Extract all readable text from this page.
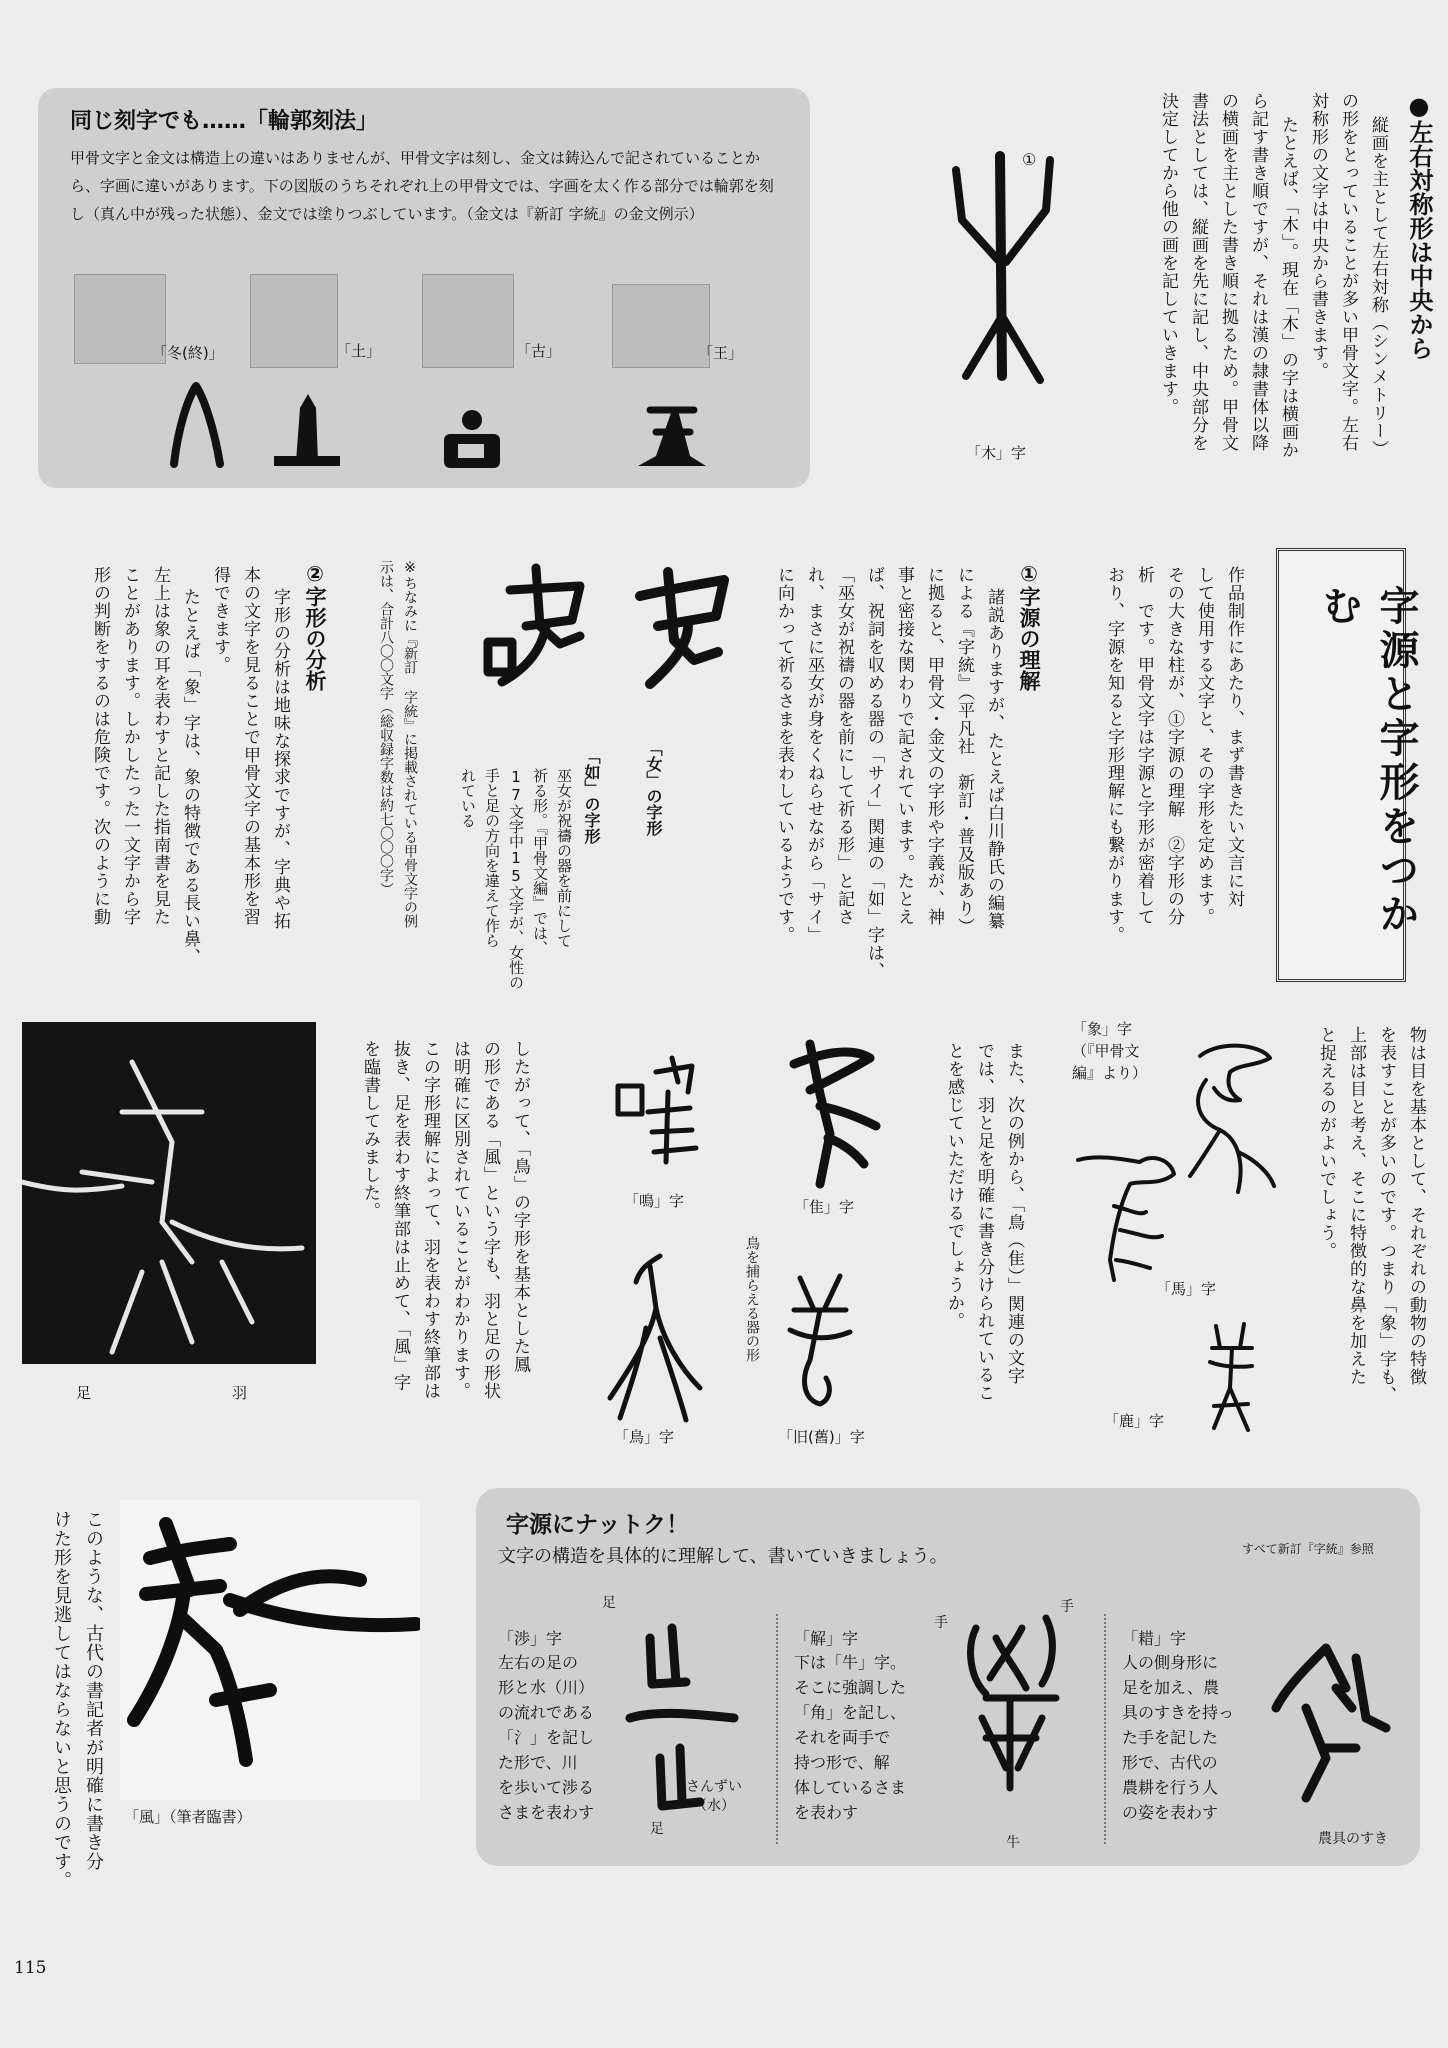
同じ刻字でも……「輪郭刻法」
甲骨文字と金文は構造上の違いはありませんが、甲骨文字は刻し、金文は鋳込んで記されていることから、字画に違いがあります。下の図版のうちそれぞれ上の甲骨文では、字画を太く作る部分では輪郭を刻し（真ん中が残った状態）、金文では塗りつぶしています。（金文は『新訂 字統』の金文例示）
「冬(終)」	「土」	「古」	「王」	●左右対称形は中央から
縦画を主として左右対称（シンメトリー）
の形をとっていることが多い甲骨文字。左右
対称形の文字は中央から書きます。
たとえば、「木」。現在「木」の字は横画か
ら記す書き順ですが、それは漢の隷書体以降
の横画を主とした書き順に拠るため。甲骨文
書法としては、縦画を先に記し、中央部分を
決定してから他の画を記していきます。
①
「木」字
字源と字形をつかむ
作品制作にあたり、まず書きたい文言に対
して使用する文字と、その字形を定めます。
その大きな柱が、①字源の理解　②字形の分
析　です。甲骨文字は字源と字形が密着して
おり、字源を知ると字形理解にも繋がります。
①字源の理解
諸説ありますが、たとえば白川静氏の編纂
による『字統』（平凡社　新訂・普及版あり）
に拠ると、甲骨文・金文の字形や字義が、神
事と密接な関わりで記されています。たとえ
ば、祝詞を収める器の「サイ」関連の「如」字は、
「巫女が祝禱の器を前にして祈る形」と記さ
れ、まさに巫女が身をくねらせながら「サイ」
に向かって祈るさまを表わしているようです。
「女」の字形
「如」の字形
巫女が祝禱の器を前にして
祈る形。『甲骨文編』では、
17文字中15文字が、女性の
手と足の方向を違えて作ら
れている
※ちなみに『新訂 字統』に掲載されている甲骨文字の例
示は、合計八〇〇文字（総収録字数は約七〇〇〇字）
②字形の分析
字形の分析は地味な探求ですが、字典や拓
本の文字を見ることで甲骨文字の基本形を習
得できます。
たとえば「象」字は、象の特徴である長い鼻、
左上は象の耳を表わすと記した指南書を見た
ことがあります。しかしたった一文字から字
形の判断をするのは危険です。次のように動
物は目を基本として、それぞれの動物の特徴
を表すことが多いのです。つまり「象」字も、
上部は目と考え、そこに特徴的な鼻を加えた
と捉えるのがよいでしょう。
「象」字
（『甲骨文
編』より）
「馬」字
「鹿」字
また、次の例から、「鳥（隹）」関連の文字
では、羽と足を明確に書き分けられているこ
とを感じていただけるでしょうか。
「隹」字
「鳴」字
「鳥」字
鳥を捕らえる器の形
「旧(舊)」字
したがって、「鳥」の字形を基本とした鳳
の形である「風」という字も、羽と足の形状
は明確に区別されていることがわかります。
この字形理解によって、羽を表わす終筆部は
抜き、足を表わす終筆部は止めて、「風」字
を臨書してみました。
足	羽
「風」（筆者臨書）
このような、古代の書記者が明確に書き分
けた形を見逃してはならないと思うのです。	字源にナットク！
文字の構造を具体的に理解して、書いていきましょう。	すべて新訂『字統』参照
「渉」字
左右の足の
形と水（川）
の流れである
「氵」を記し
た形で、川
を歩いて渉る
さまを表わす
足
さんずい
（水）
足
「解」字
下は「牛」字。
そこに強調した
「角」を記し、
それを両手で
持つ形で、解
体しているさま
を表わす
手
手
牛
「耤」字
人の側身形に
足を加え、農
具のすきを持っ
た手を記した
形で、古代の
農耕を行う人
の姿を表わす
農具のすき
115
